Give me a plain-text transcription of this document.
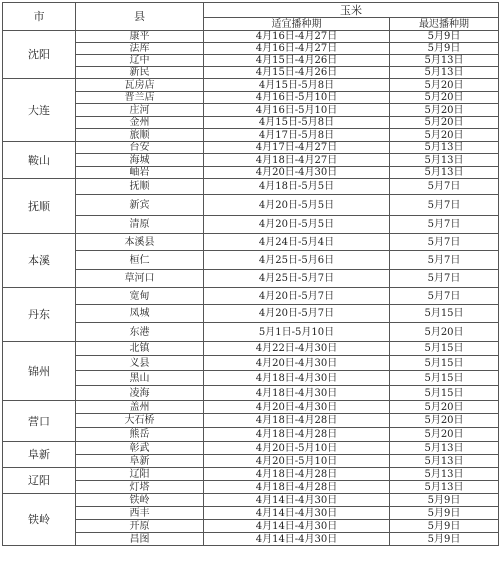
市	县	玉米	
		适宜播种期	最迟播种期
沈阳	康平	4月16日-4月27日	5月9日
	法库	4月16日-4月27日	5月9日
	辽中	4月15日-4月26日	5月13日
	新民	4月15日-4月26日	5月13日
大连	瓦房店	4月15日-5月8日	5月20日
	普兰店	4月16日-5月10日	5月20日
	庄河	4月16日-5月10日	5月20日
	金州	4月15日-5月8日	5月20日
	旅顺	4月17日-5月8日	5月20日
鞍山	台安	4月17日-4月27日	5月13日
	海城	4月18日-4月27日	5月13日
	岫岩	4月20日-4月30日	5月13日
抚顺	抚顺	4月18日-5月5日	5月7日
	新宾	4月20日-5月5日	5月7日
	清原	4月20日-5月5日	5月7日
本溪	本溪县	4月24日-5月4日	5月7日
	桓仁	4月25日-5月6日	5月7日
	草河口	4月25日-5月7日	5月7日
丹东	宽甸	4月20日-5月7日	5月7日
	凤城	4月20日-5月7日	5月15日
	东港	5月1日-5月10日	5月20日
锦州	北镇	4月22日-4月30日	5月15日
	义县	4月20日-4月30日	5月15日
	黑山	4月18日-4月30日	5月15日
	凌海	4月18日-4月30日	5月15日
营口	盖州	4月20日-4月30日	5月20日
	大石桥	4月18日-4月28日	5月20日
	熊岳	4月18日-4月28日	5月20日
阜新	彰武	4月20日-5月10日	5月13日
	阜新	4月20日-5月10日	5月13日
辽阳	辽阳	4月18日-4月28日	5月13日
	灯塔	4月18日-4月28日	5月13日
铁岭	铁岭	4月14日-4月30日	5月9日
	西丰	4月14日-4月30日	5月9日
	开原	4月14日-4月30日	5月9日
	昌图	4月14日-4月30日	5月9日
